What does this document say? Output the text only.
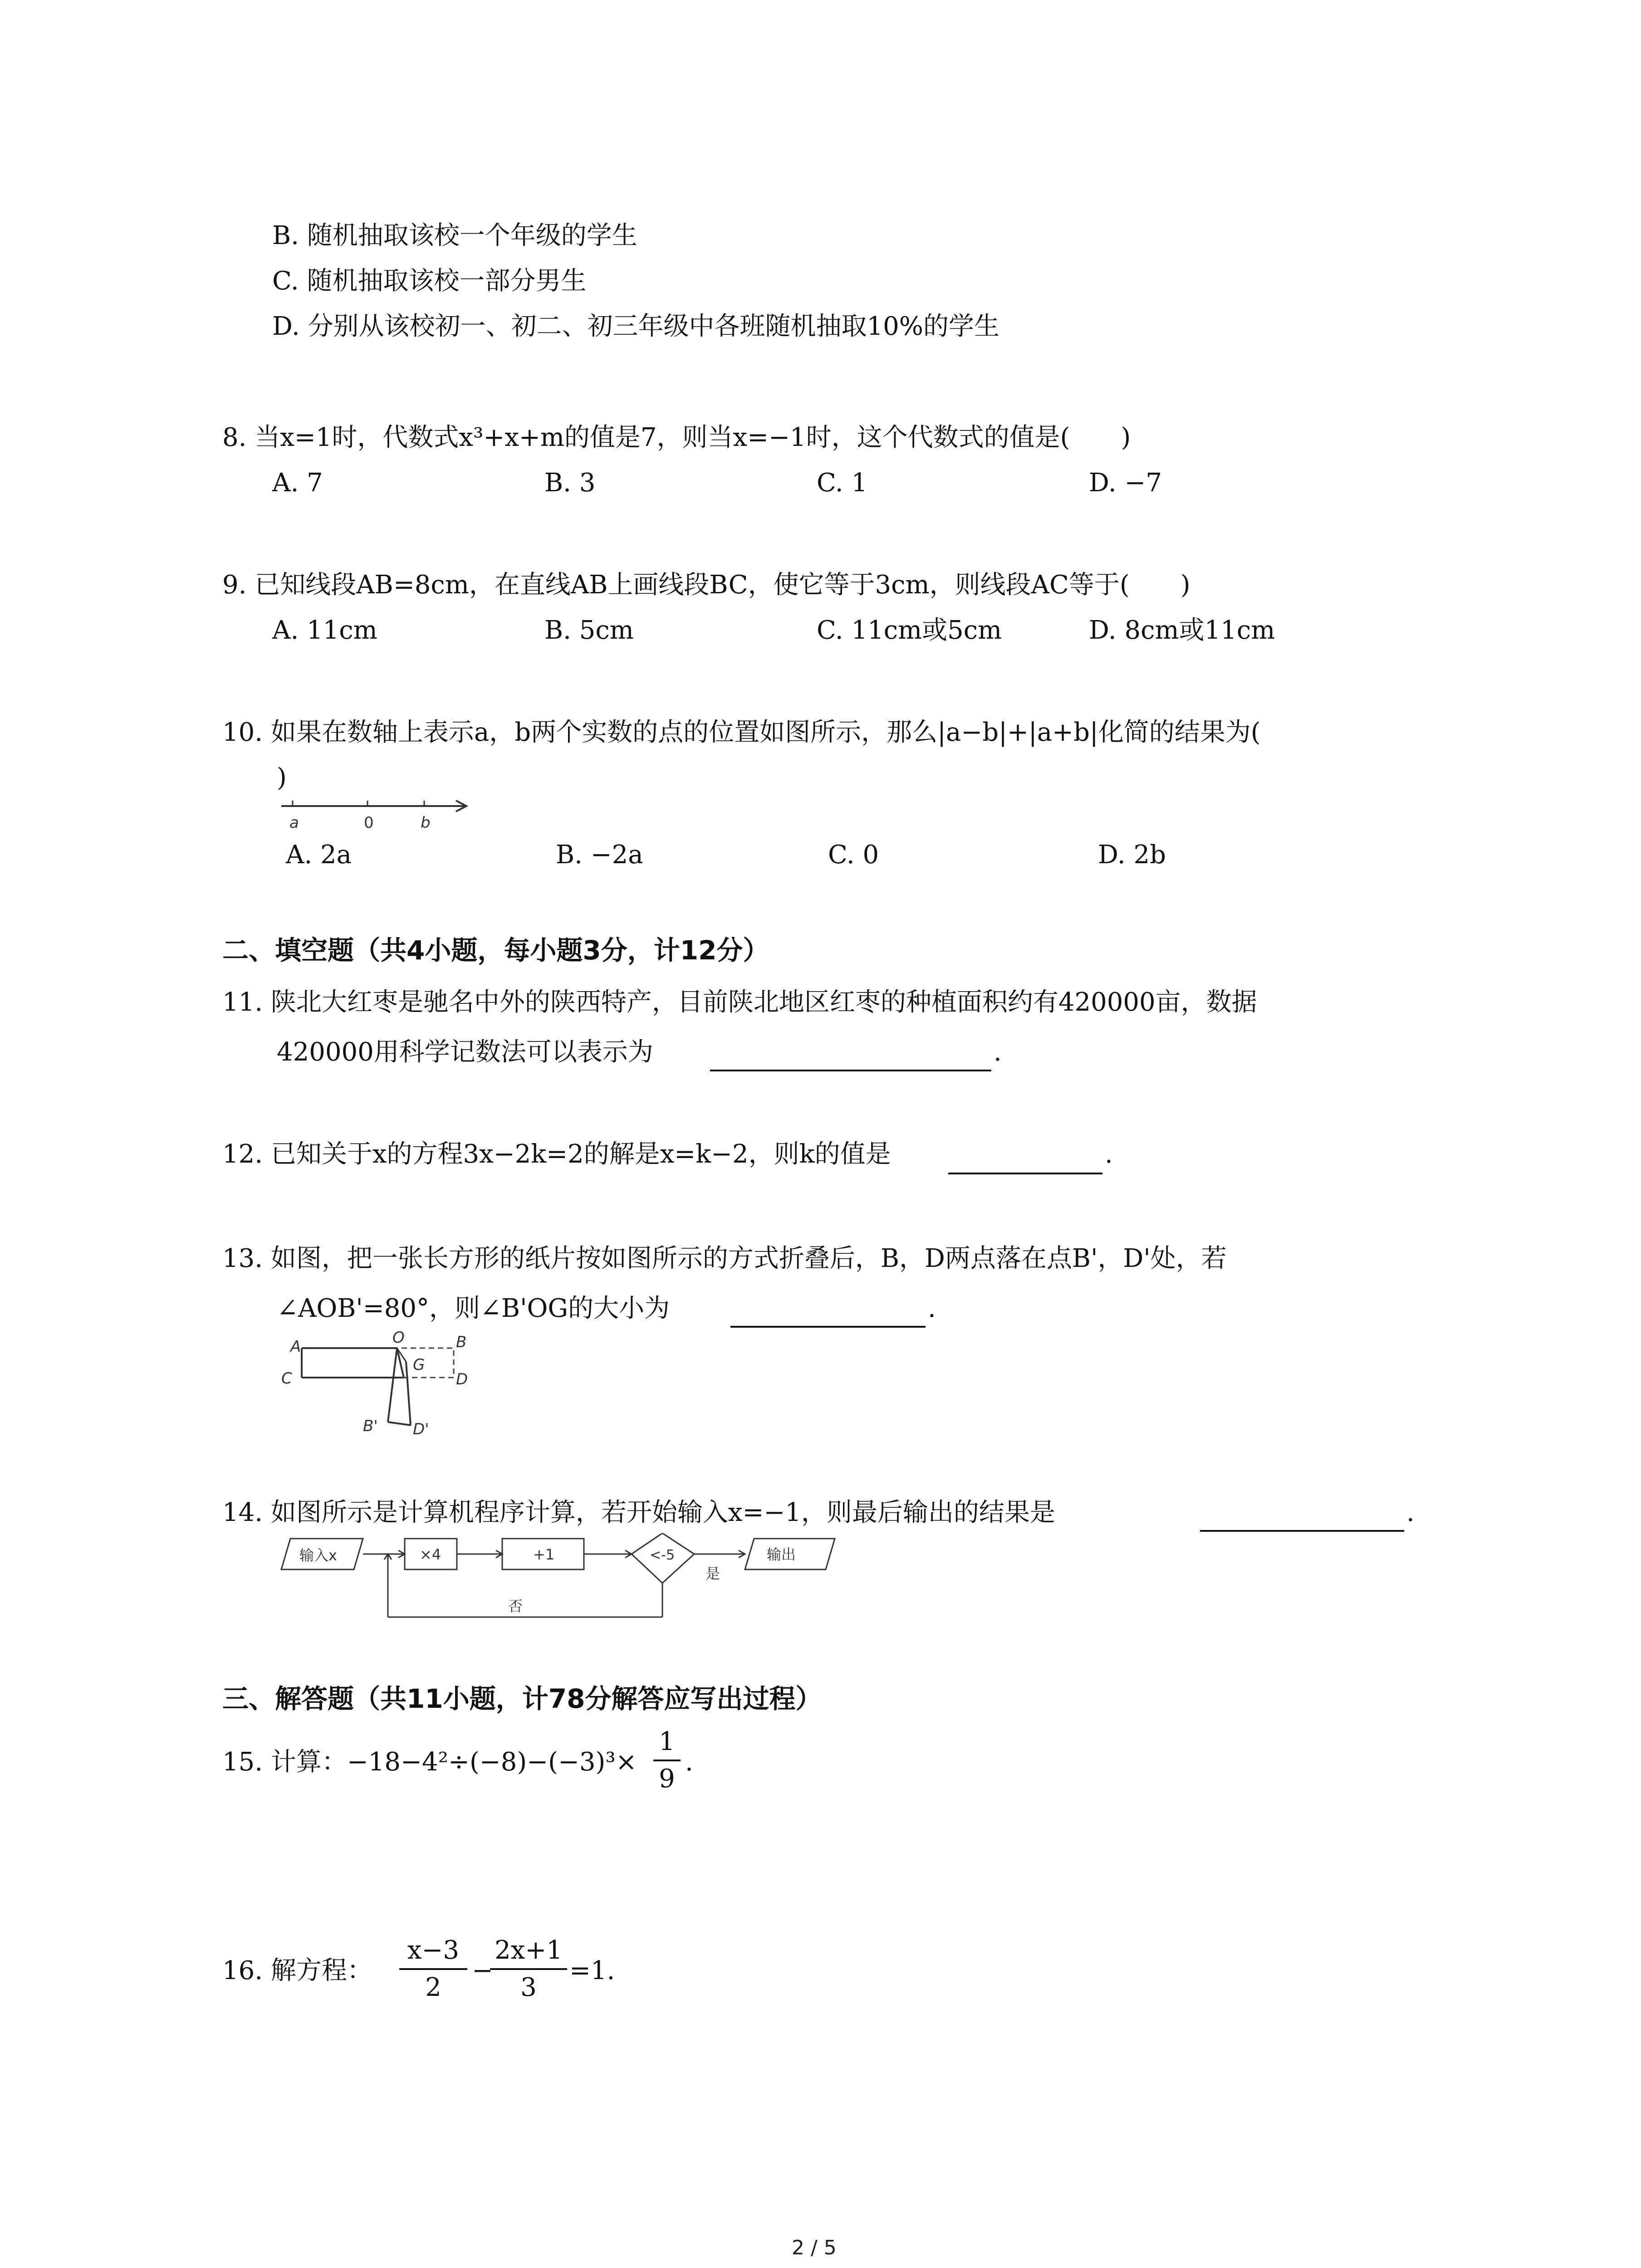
B. 随机抽取该校一个年级的学生
C. 随机抽取该校一部分男生
D. 分别从该校初一、初二、初三年级中各班随机抽取10%的学生
8. 当x=1时，代数式x³+x+m的值是7，则当x=−1时，这个代数式的值是(　　)
A. 7	B. 3	C. 1	D. −7
9. 已知线段AB=8cm，在直线AB上画线段BC，使它等于3cm，则线段AC等于(　　)
A. 11cm	B. 5cm	C. 11cm或5cm	D. 8cm或11cm
10. 如果在数轴上表示a，b两个实数的点的位置如图所示，那么|a−b|+|a+b|化简的结果为(
)
a	0	b
A. 2a	B. −2a	C. 0	D. 2b
二、填空题（共4小题，每小题3分，计12分）
11. 陕北大红枣是驰名中外的陕西特产，目前陕北地区红枣的种植面积约有420000亩，数据
420000用科学记数法可以表示为	.
12. 已知关于x的方程3x−2k=2的解是x=k−2，则k的值是	.
13. 如图，把一张长方形的纸片按如图所示的方式折叠后，B，D两点落在点B'，D'处，若
∠AOB'=80°，则∠B'OG的大小为	.
A	O	B
C
G
D
B' D'
14. 如图所示是计算机程序计算，若开始输入x=−1，则最后输出的结果是	.
输入x	×4	+1	<-5
是
输出
否
三、解答题（共11小题，计78分解答应写出过程）
15. 计算：−18−4²÷(−8)−(−3)³×
1
9
.
16. 解方程：
x−3
2
−
2x+1
3
=1.
2 / 5
